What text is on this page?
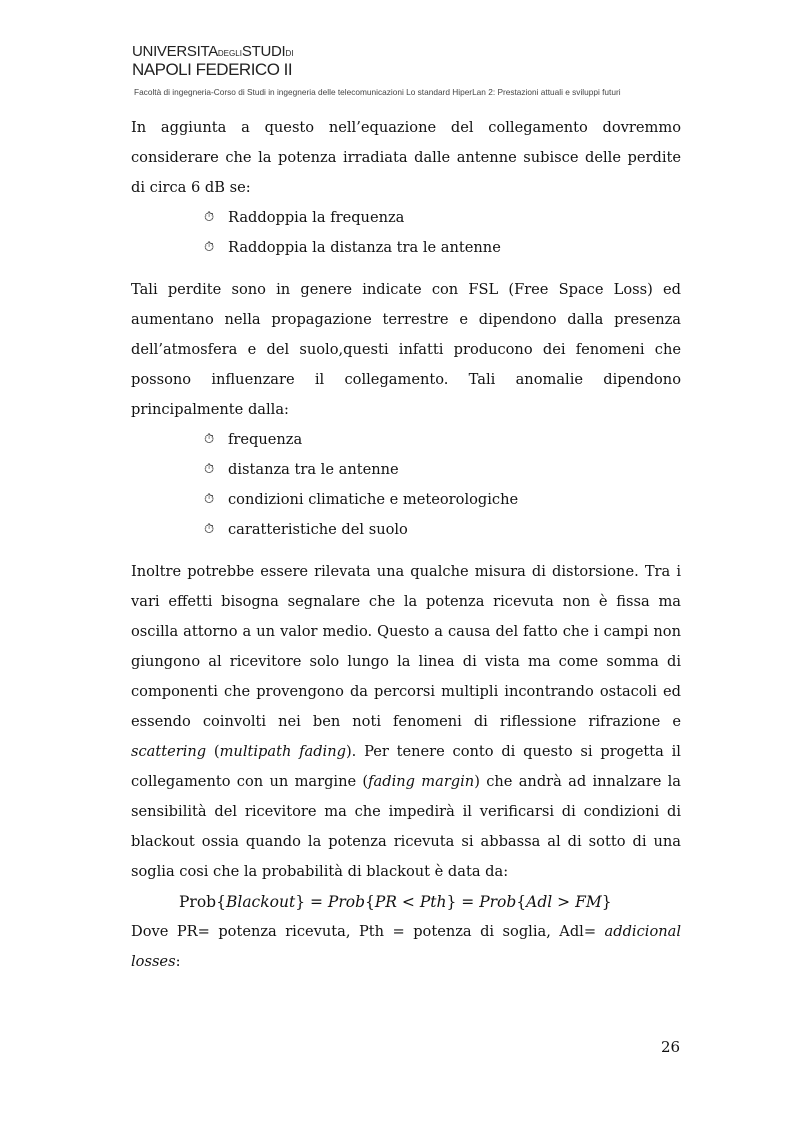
UNIVERSITADEGLISTUDIDI
NAPOLI FEDERICO II
Facoltà di ingegneria-Corso di Studi in ingegneria delle telecomunicazioni Lo standard HiperLan 2: Prestazioni attuali e sviluppi futuri

In aggiunta a questo nell’equazione del collegamento dovremmo considerare che la potenza irradiata dalle antenne subisce delle perdite di circa 6 dB se:

⏱ Raddoppia la frequenza
⏱ Raddoppia la distanza tra le antenne

Tali perdite sono in genere indicate con FSL (Free Space Loss) ed aumentano nella propagazione terrestre e dipendono dalla presenza dell’atmosfera e del suolo,questi infatti producono dei fenomeni che possono influenzare il collegamento. Tali anomalie dipendono principalmente dalla:

⏱ frequenza
⏱ distanza tra le antenne
⏱ condizioni climatiche e meteorologiche
⏱ caratteristiche del suolo

Inoltre potrebbe essere rilevata una qualche misura di distorsione. Tra i vari effetti bisogna segnalare che la potenza ricevuta non è fissa ma oscilla attorno a un valor medio. Questo a causa del fatto che i campi non giungono al ricevitore solo lungo la linea di vista ma come somma di componenti che provengono da percorsi multipli incontrando ostacoli ed essendo coinvolti nei ben noti fenomeni di riflessione rifrazione e scattering (multipath fading). Per tenere conto di questo si progetta il collegamento con un margine (fading margin) che andrà ad innalzare la sensibilità del ricevitore ma che impedirà il verificarsi di condizioni di blackout ossia quando la potenza ricevuta si abbassa al di sotto di una soglia cosi che la probabilità di blackout è data da:

Prob{Blackout} = Prob{PR < Pth} = Prob{Adl > FM}

Dove PR= potenza ricevuta, Pth = potenza di soglia, Adl= addicional losses:

26
